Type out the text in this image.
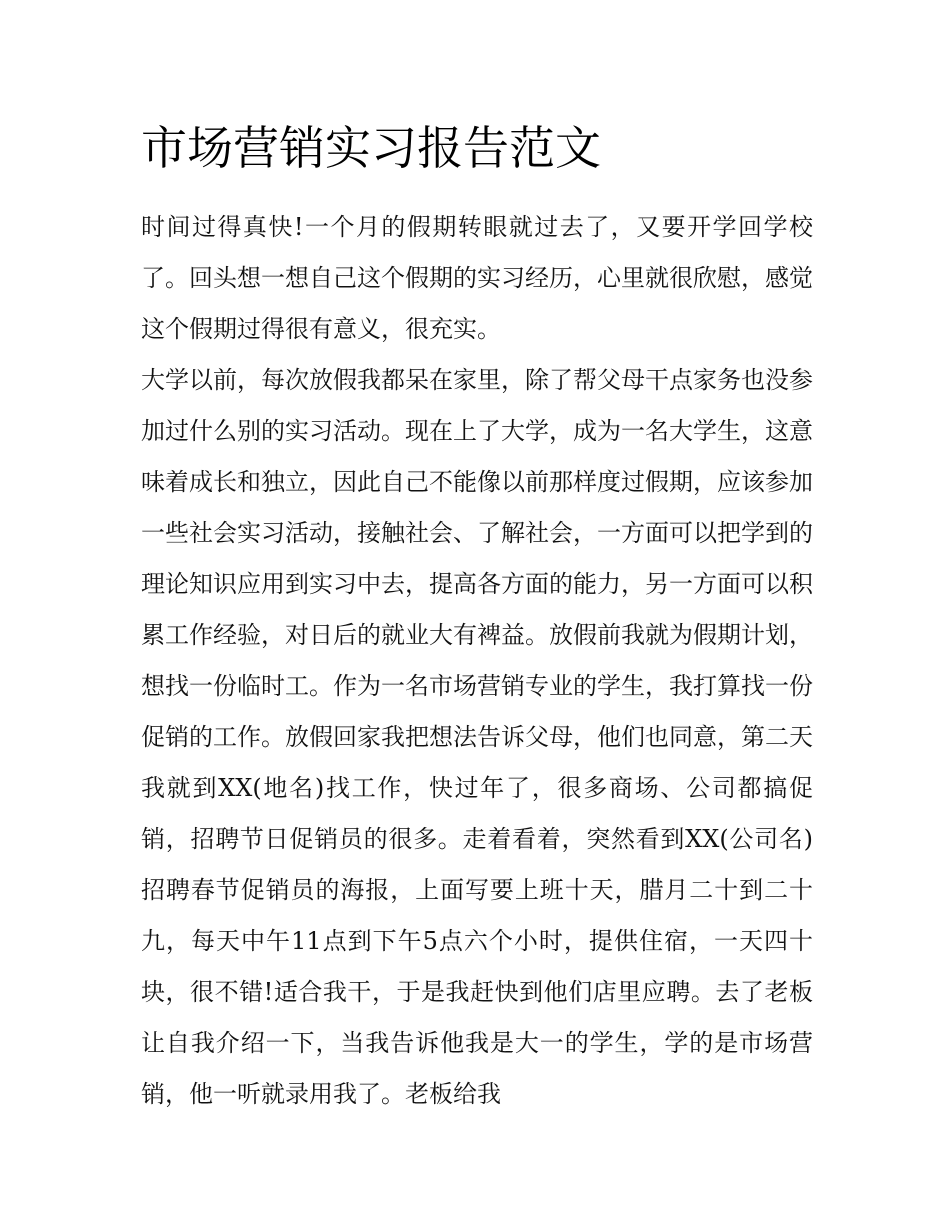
市场营销实习报告范文

时间过得真快!一个月的假期转眼就过去了，又要开学回学校了。回头想一想自己这个假期的实习经历，心里就很欣慰，感觉这个假期过得很有意义，很充实。

大学以前，每次放假我都呆在家里，除了帮父母干点家务也没参加过什么别的实习活动。现在上了大学，成为一名大学生，这意味着成长和独立，因此自己不能像以前那样度过假期，应该参加一些社会实习活动，接触社会、了解社会，一方面可以把学到的理论知识应用到实习中去，提高各方面的能力，另一方面可以积累工作经验，对日后的就业大有裨益。放假前我就为假期计划，想找一份临时工。作为一名市场营销专业的学生，我打算找一份促销的工作。放假回家我把想法告诉父母，他们也同意，第二天我就到XX(地名)找工作，快过年了，很多商场、公司都搞促销，招聘节日促销员的很多。走着看着，突然看到XX(公司名)招聘春节促销员的海报，上面写要上班十天，腊月二十到二十九，每天中午11点到下午5点六个小时，提供住宿，一天四十块，很不错!适合我干，于是我赶快到他们店里应聘。去了老板让自我介绍一下，当我告诉他我是大一的学生，学的是市场营销，他一听就录用我了。老板给我
